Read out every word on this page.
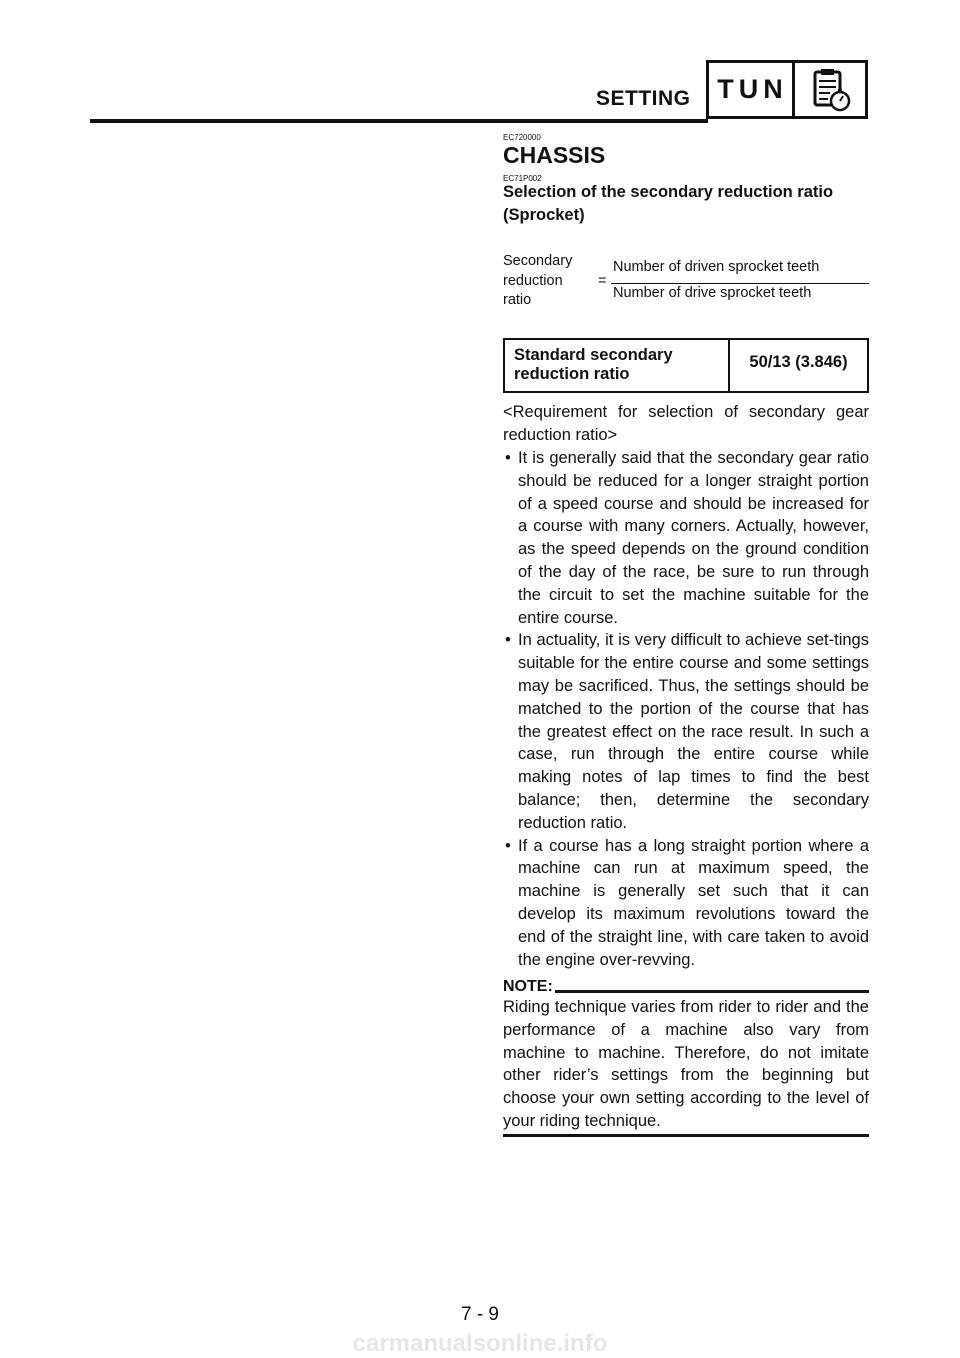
SETTING TUN
EC720000
CHASSIS
EC71P002
Selection of the secondary reduction ratio
(Sprocket)
Secondary
reduction
ratio
=
Number of driven sprocket teeth
Number of drive sprocket teeth
Standard secondary
reduction ratio
50/13 (3.846)
<Requirement for selection of secondary gear reduction ratio>
• It is generally said that the secondary gear ratio should be reduced for a longer straight portion of a speed course and should be increased for a course with many corners. Actually, however, as the speed depends on the ground condition of the day of the race, be sure to run through the circuit to set the machine suitable for the entire course.
• In actuality, it is very difficult to achieve set-tings suitable for the entire course and some settings may be sacrificed. Thus, the settings should be matched to the portion of the course that has the greatest effect on the race result. In such a case, run through the entire course while making notes of lap times to find the best balance; then, determine the secondary reduction ratio.
• If a course has a long straight portion where a machine can run at maximum speed, the machine is generally set such that it can develop its maximum revolutions toward the end of the straight line, with care taken to avoid the engine over-revving.
NOTE:
Riding technique varies from rider to rider and the performance of a machine also vary from machine to machine. Therefore, do not imitate other rider’s settings from the beginning but choose your own setting according to the level of your riding technique.
7 - 9
carmanualsonline.info
